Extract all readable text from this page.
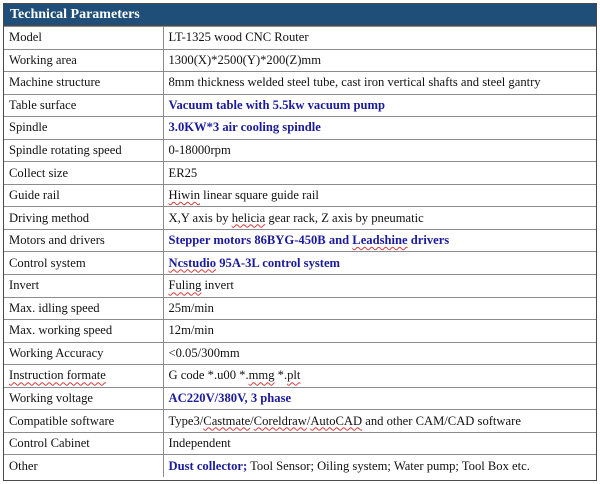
Technical Parameters
Model	LT-1325 wood CNC Router
Working area	1300(X)*2500(Y)*200(Z)mm
Machine structure	8mm thickness welded steel tube, cast iron vertical shafts and steel gantry
Table surface	Vacuum table with 5.5kw vacuum pump
Spindle	3.0KW*3 air cooling spindle
Spindle rotating speed	0-18000rpm
Collect size	ER25
Guide rail	Hiwin linear square guide rail
Driving method	X,Y axis by helicia gear rack, Z axis by pneumatic
Motors and drivers	Stepper motors 86BYG-450B and Leadshine drivers
Control system	Ncstudio 95A-3L control system
Invert	Fuling invert
Max. idling speed	25m/min
Max. working speed	12m/min
Working Accuracy	<0.05/300mm
Instruction formate	G code *.u00 *.mmg *.plt
Working voltage	AC220V/380V, 3 phase
Compatible software	Type3/Castmate/Coreldraw/AutoCAD and other CAM/CAD software
Control Cabinet	Independent
Other	Dust collector; Tool Sensor; Oiling system; Water pump; Tool Box etc.
